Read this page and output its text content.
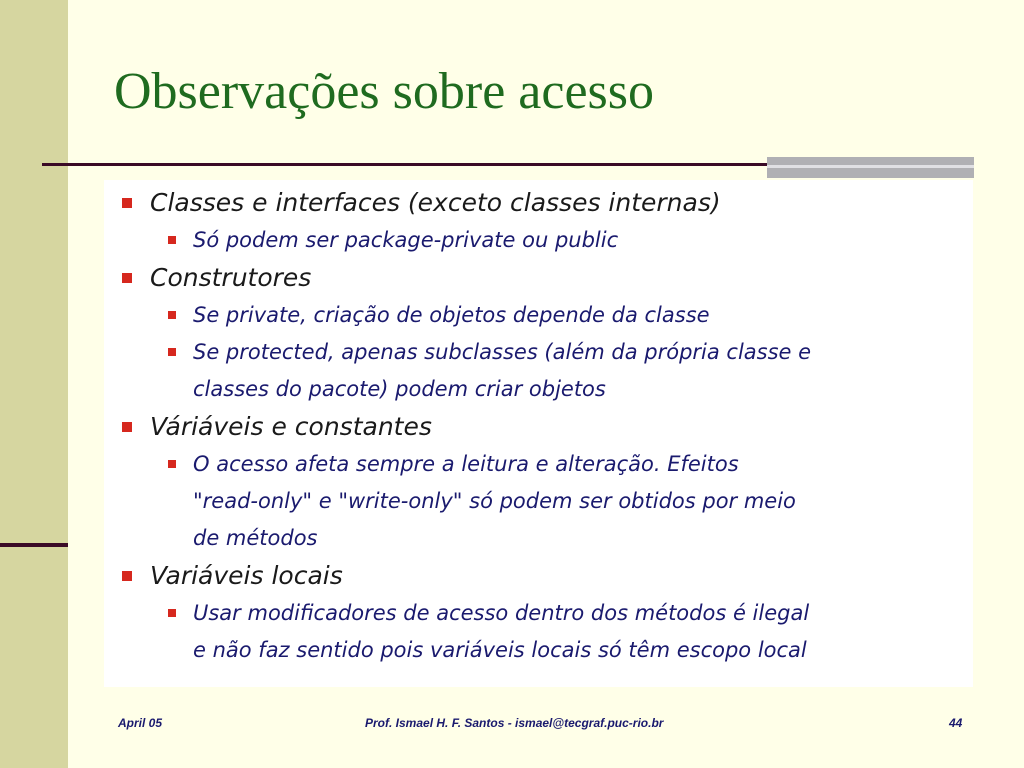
Observações sobre acesso
Classes e interfaces (exceto classes internas)
Só podem ser package-private ou public
Construtores
Se private, criação de objetos depende da classe
Se protected, apenas subclasses (além da própria classe e
classes do pacote) podem criar objetos
Váriáveis e constantes
O acesso afeta sempre a leitura e alteração. Efeitos
"read-only" e "write-only" só podem ser obtidos por meio
de métodos
Variáveis locais
Usar modificadores de acesso dentro dos métodos é ilegal
e não faz sentido pois variáveis locais só têm escopo local
April 05	Prof. Ismael H. F. Santos - ismael@tecgraf.puc-rio.br	44
